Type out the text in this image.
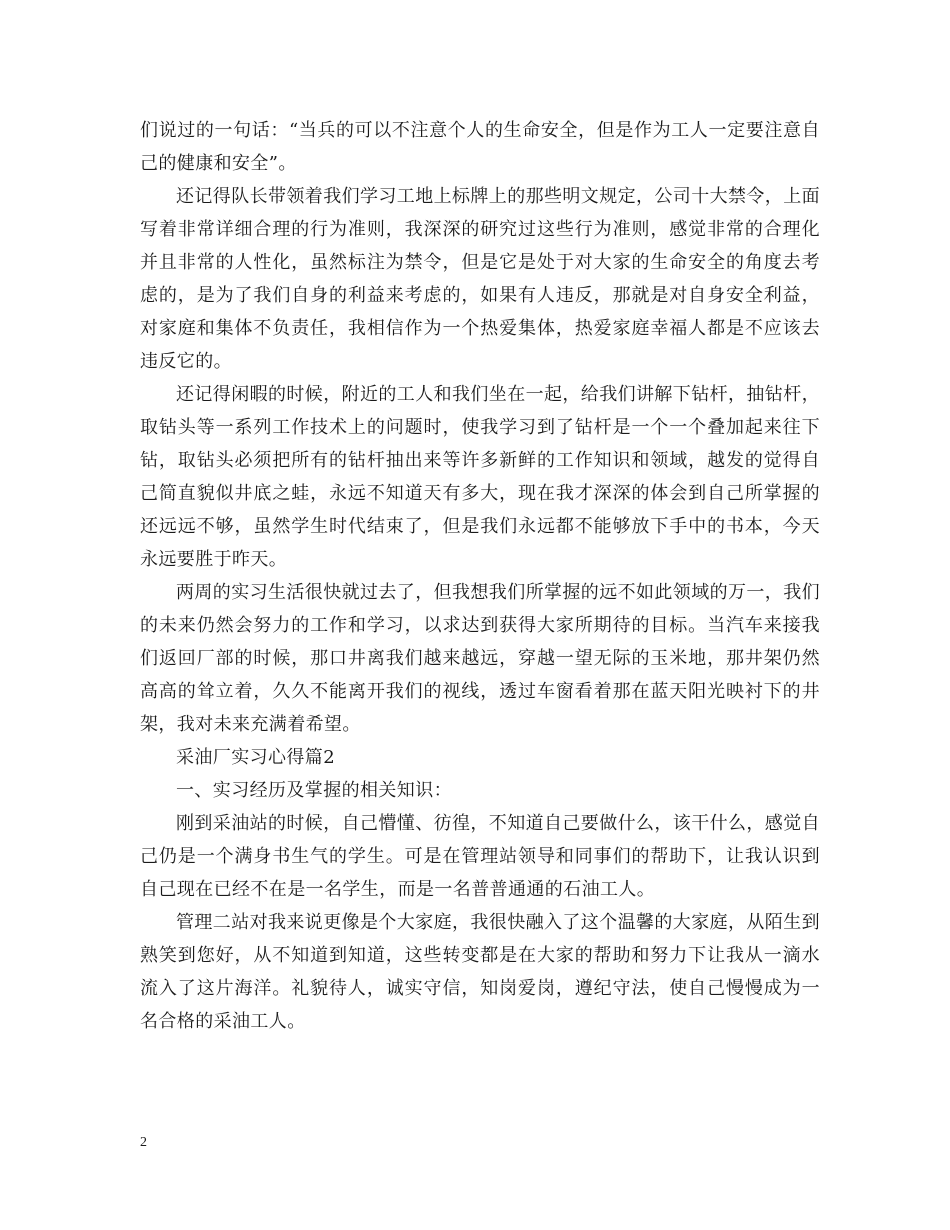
们说过的一句话：“当兵的可以不注意个人的生命安全，但是作为工人一定要注意自己的健康和安全”。

还记得队长带领着我们学习工地上标牌上的那些明文规定，公司十大禁令，上面写着非常详细合理的行为准则，我深深的研究过这些行为准则，感觉非常的合理化并且非常的人性化，虽然标注为禁令，但是它是处于对大家的生命安全的角度去考虑的，是为了我们自身的利益来考虑的，如果有人违反，那就是对自身安全利益，对家庭和集体不负责任，我相信作为一个热爱集体，热爱家庭幸福人都是不应该去违反它的。

还记得闲暇的时候，附近的工人和我们坐在一起，给我们讲解下钻杆，抽钻杆，取钻头等一系列工作技术上的问题时，使我学习到了钻杆是一个一个叠加起来往下钻，取钻头必须把所有的钻杆抽出来等许多新鲜的工作知识和领域，越发的觉得自己简直貌似井底之蛙，永远不知道天有多大，现在我才深深的体会到自己所掌握的还远远不够，虽然学生时代结束了，但是我们永远都不能够放下手中的书本，今天永远要胜于昨天。

两周的实习生活很快就过去了，但我想我们所掌握的远不如此领域的万一，我们的未来仍然会努力的工作和学习，以求达到获得大家所期待的目标。当汽车来接我们返回厂部的时候，那口井离我们越来越远，穿越一望无际的玉米地，那井架仍然高高的耸立着，久久不能离开我们的视线，透过车窗看着那在蓝天阳光映衬下的井架，我对未来充满着希望。

采油厂实习心得篇2

一、实习经历及掌握的相关知识：

刚到采油站的时候，自己懵懂、彷徨，不知道自己要做什么，该干什么，感觉自己仍是一个满身书生气的学生。可是在管理站领导和同事们的帮助下，让我认识到自己现在已经不在是一名学生，而是一名普普通通的石油工人。

管理二站对我来说更像是个大家庭，我很快融入了这个温馨的大家庭，从陌生到熟笑到您好，从不知道到知道，这些转变都是在大家的帮助和努力下让我从一滴水流入了这片海洋。礼貌待人，诚实守信，知岗爱岗，遵纪守法，使自己慢慢成为一名合格的采油工人。

2
